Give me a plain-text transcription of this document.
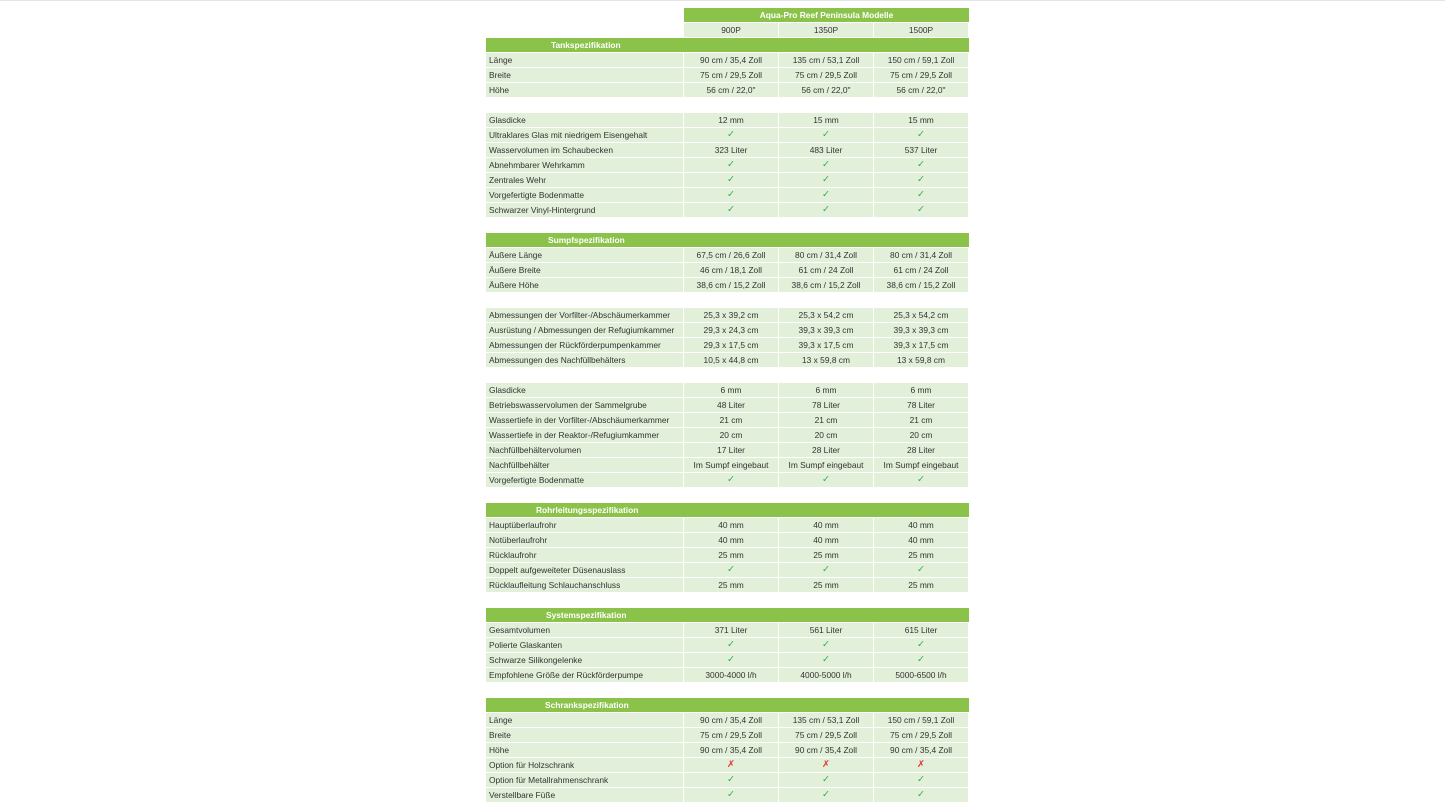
Aqua-Pro Reef Peninsula Modelle
900P	1350P	1500P
Tankspezifikation
Länge	90 cm / 35,4 Zoll	135 cm / 53,1 Zoll	150 cm / 59,1 Zoll
Breite	75 cm / 29,5 Zoll	75 cm / 29,5 Zoll	75 cm / 29,5 Zoll
Höhe	56 cm / 22,0"	56 cm / 22,0"	56 cm / 22,0"
Glasdicke	12 mm	15 mm	15 mm
Ultraklares Glas mit niedrigem Eisengehalt	✓	✓	✓
Wasservolumen im Schaubecken	323 Liter	483 Liter	537 Liter
Abnehmbarer Wehrkamm	✓	✓	✓
Zentrales Wehr	✓	✓	✓
Vorgefertigte Bodenmatte	✓	✓	✓
Schwarzer Vinyl-Hintergrund	✓	✓	✓
Sumpfspezifikation
Äußere Länge	67,5 cm / 26,6 Zoll	80 cm / 31,4 Zoll	80 cm / 31,4 Zoll
Äußere Breite	46 cm / 18,1 Zoll	61 cm / 24 Zoll	61 cm / 24 Zoll
Äußere Höhe	38,6 cm / 15,2 Zoll	38,6 cm / 15,2 Zoll	38,6 cm / 15,2 Zoll
Abmessungen der Vorfilter-/Abschäumerkammer	25,3 x 39,2 cm	25,3 x 54,2 cm	25,3 x 54,2 cm
Ausrüstung / Abmessungen der Refugiumkammer	29,3 x 24,3 cm	39,3 x 39,3 cm	39,3 x 39,3 cm
Abmessungen der Rückförderpumpenkammer	29,3 x 17,5 cm	39,3 x 17,5 cm	39,3 x 17,5 cm
Abmessungen des Nachfüllbehälters	10,5 x 44,8 cm	13 x 59,8 cm	13 x 59,8 cm
Glasdicke	6 mm	6 mm	6 mm
Betriebswasservolumen der Sammelgrube	48 Liter	78 Liter	78 Liter
Wassertiefe in der Vorfilter-/Abschäumerkammer	21 cm	21 cm	21 cm
Wassertiefe in der Reaktor-/Refugiumkammer	20 cm	20 cm	20 cm
Nachfüllbehältervolumen	17 Liter	28 Liter	28 Liter
Nachfüllbehälter	Im Sumpf eingebaut	Im Sumpf eingebaut	Im Sumpf eingebaut
Vorgefertigte Bodenmatte	✓	✓	✓
Rohrleitungsspezifikation
Hauptüberlaufrohr	40 mm	40 mm	40 mm
Notüberlaufrohr	40 mm	40 mm	40 mm
Rücklaufrohr	25 mm	25 mm	25 mm
Doppelt aufgeweiteter Düsenauslass	✓	✓	✓
Rücklaufleitung Schlauchanschluss	25 mm	25 mm	25 mm
Systemspezifikation
Gesamtvolumen	371 Liter	561 Liter	615 Liter
Polierte Glaskanten	✓	✓	✓
Schwarze Silikongelenke	✓	✓	✓
Empfohlene Größe der Rückförderpumpe	3000-4000 l/h	4000-5000 l/h	5000-6500 l/h
Schrankspezifikation
Länge	90 cm / 35,4 Zoll	135 cm / 53,1 Zoll	150 cm / 59,1 Zoll
Breite	75 cm / 29,5 Zoll	75 cm / 29,5 Zoll	75 cm / 29,5 Zoll
Höhe	90 cm / 35,4 Zoll	90 cm / 35,4 Zoll	90 cm / 35,4 Zoll
Option für Holzschrank	✗	✗	✗
Option für Metallrahmenschrank	✓	✓	✓
Verstellbare Füße	✓	✓	✓
